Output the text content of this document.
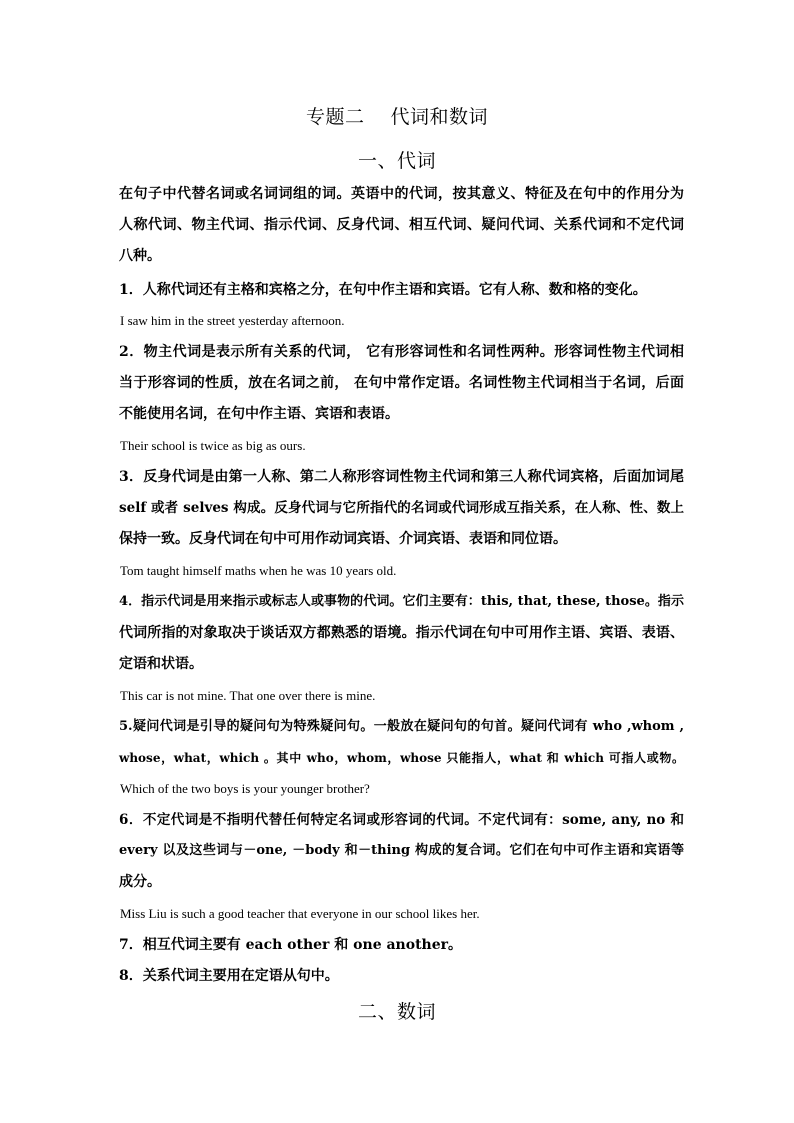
专题二 代词和数词
一、代词
在句子中代替名词或名词词组的词。英语中的代词，按其意义、特征及在句中的作用分为
人称代词、物主代词、指示代词、反身代词、相互代词、疑问代词、关系代词和不定代词
八种。
1．人称代词还有主格和宾格之分，在句中作主语和宾语。它有人称、数和格的变化。
I saw him in the street yesterday afternoon.
2．物主代词是表示所有关系的代词， 它有形容词性和名词性两种。形容词性物主代词相
当于形容词的性质，放在名词之前， 在句中常作定语。名词性物主代词相当于名词，后面
不能使用名词，在句中作主语、宾语和表语。
Their school is twice as big as ours.
3．反身代词是由第一人称、第二人称形容词性物主代词和第三人称代词宾格，后面加词尾
self 或者 selves 构成。反身代词与它所指代的名词或代词形成互指关系，在人称、性、数上
保持一致。反身代词在句中可用作动词宾语、介词宾语、表语和同位语。
Tom taught himself maths when he was 10 years old.
4．指示代词是用来指示或标志人或事物的代词。它们主要有：this, that, these, those。指示
代词所指的对象取决于谈话双方都熟悉的语境。指示代词在句中可用作主语、宾语、表语、
定语和状语。
This car is not mine. That one over there is mine.
5.疑问代词是引导的疑问句为特殊疑问句。一般放在疑问句的句首。疑问代词有 who ,whom ,
whose，what，which 。其中 who，whom，whose 只能指人，what 和 which 可指人或物。
Which of the two boys is your younger brother?
6．不定代词是不指明代替任何特定名词或形容词的代词。不定代词有：some, any, no 和
every 以及这些词与－one, －body 和－thing 构成的复合词。它们在句中可作主语和宾语等
成分。
Miss Liu is such a good teacher that everyone in our school likes her.
7．相互代词主要有 each other 和 one another。
8．关系代词主要用在定语从句中。
二、数词
